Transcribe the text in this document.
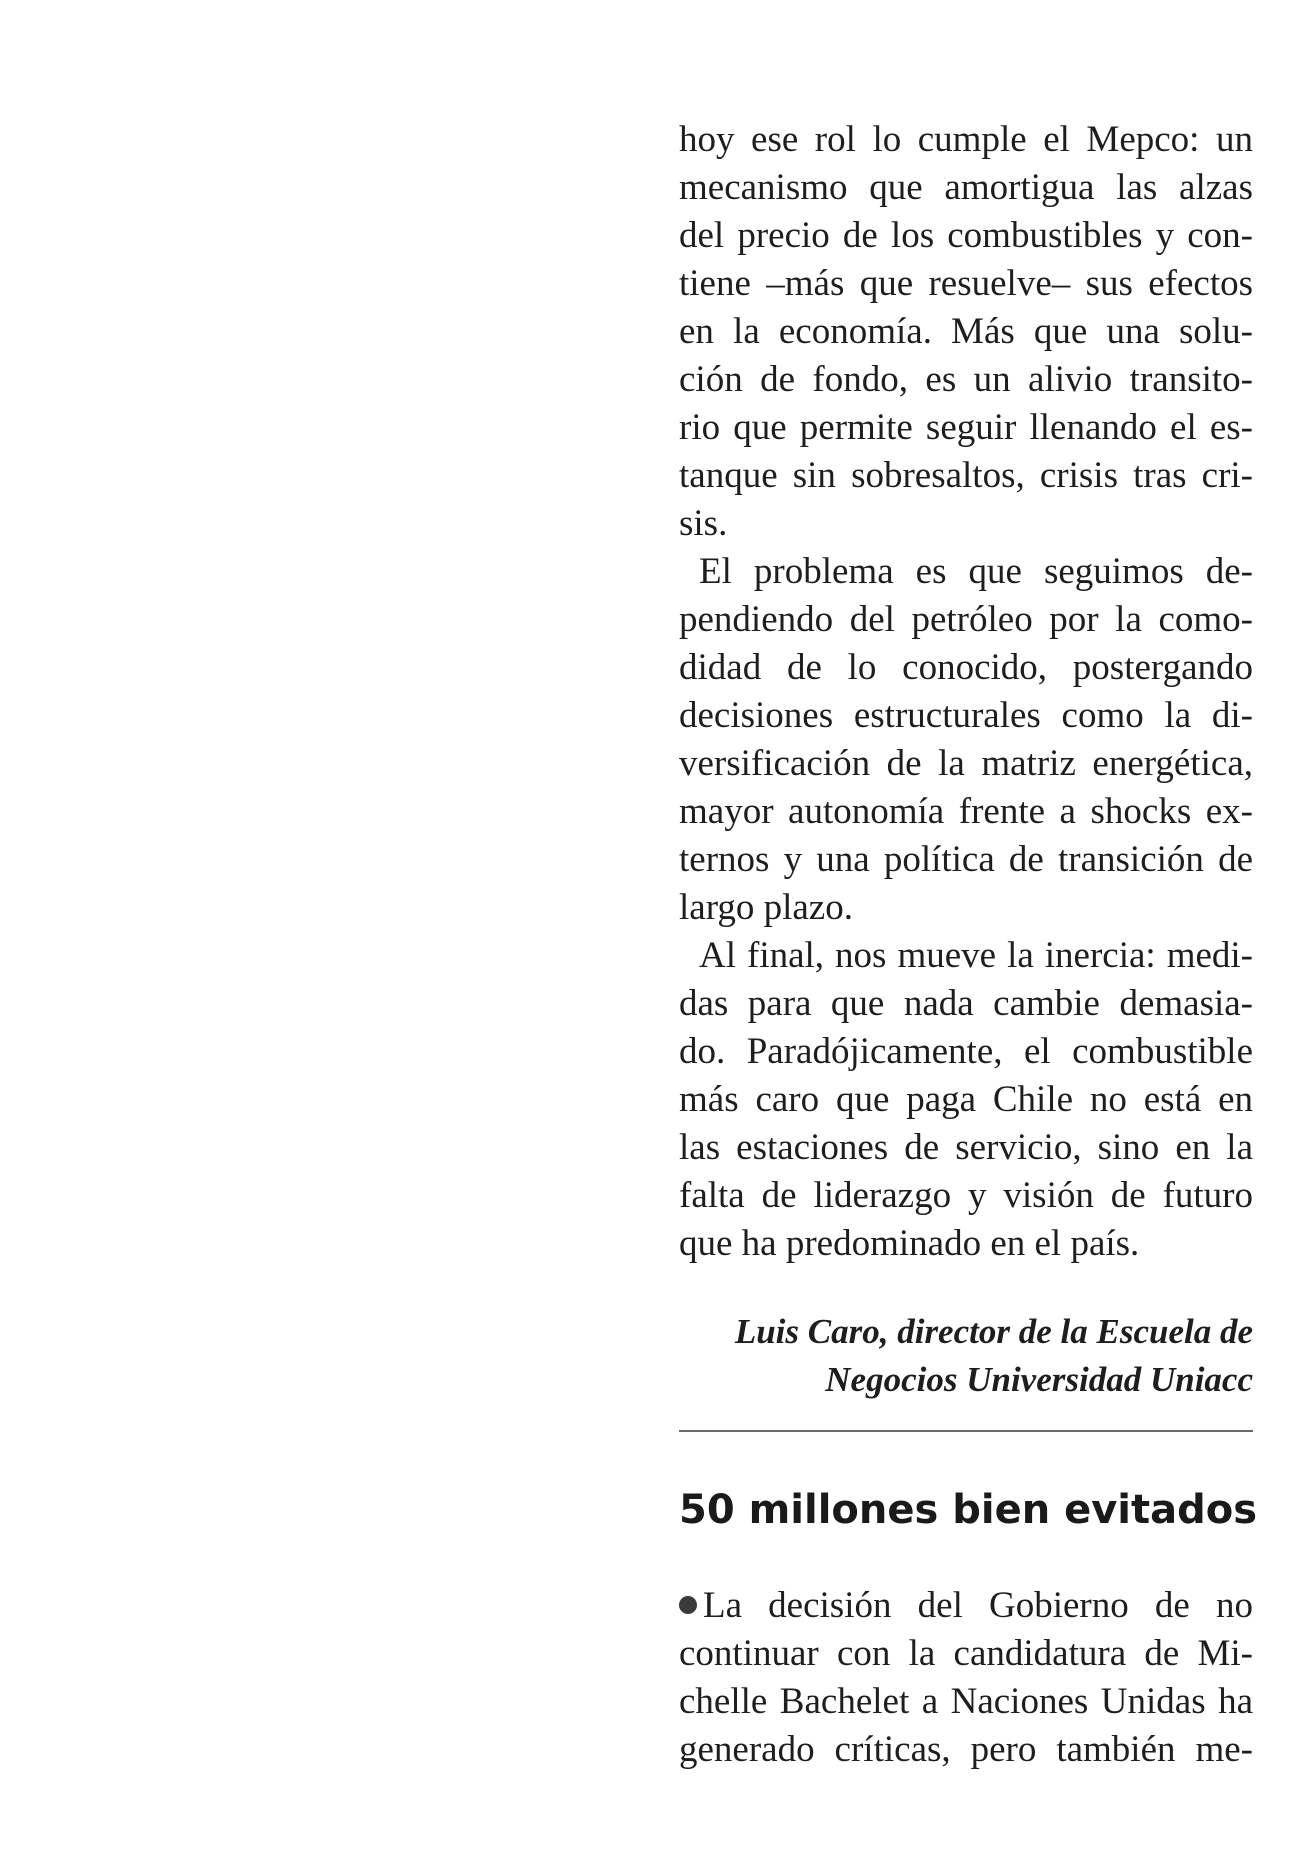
hoy ese rol lo cumple el Mepco: un
mecanismo que amortigua las alzas
del precio de los combustibles y con-
tiene –más que resuelve– sus efectos
en la economía. Más que una solu-
ción de fondo, es un alivio transito-
rio que permite seguir llenando el es-
tanque sin sobresaltos, crisis tras cri-
sis.

El problema es que seguimos de-
pendiendo del petróleo por la como-
didad de lo conocido, postergando
decisiones estructurales como la di-
versificación de la matriz energética,
mayor autonomía frente a shocks ex-
ternos y una política de transición de
largo plazo.

Al final, nos mueve la inercia: medi-
das para que nada cambie demasia-
do. Paradójicamente, el combustible
más caro que paga Chile no está en
las estaciones de servicio, sino en la
falta de liderazgo y visión de futuro
que ha predominado en el país.

Luis Caro, director de la Escuela de
Negocios Universidad Uniacc
50 millones bien evitados

La decisión del Gobierno de no
continuar con la candidatura de Mi-
chelle Bachelet a Naciones Unidas ha
generado críticas, pero también me-
